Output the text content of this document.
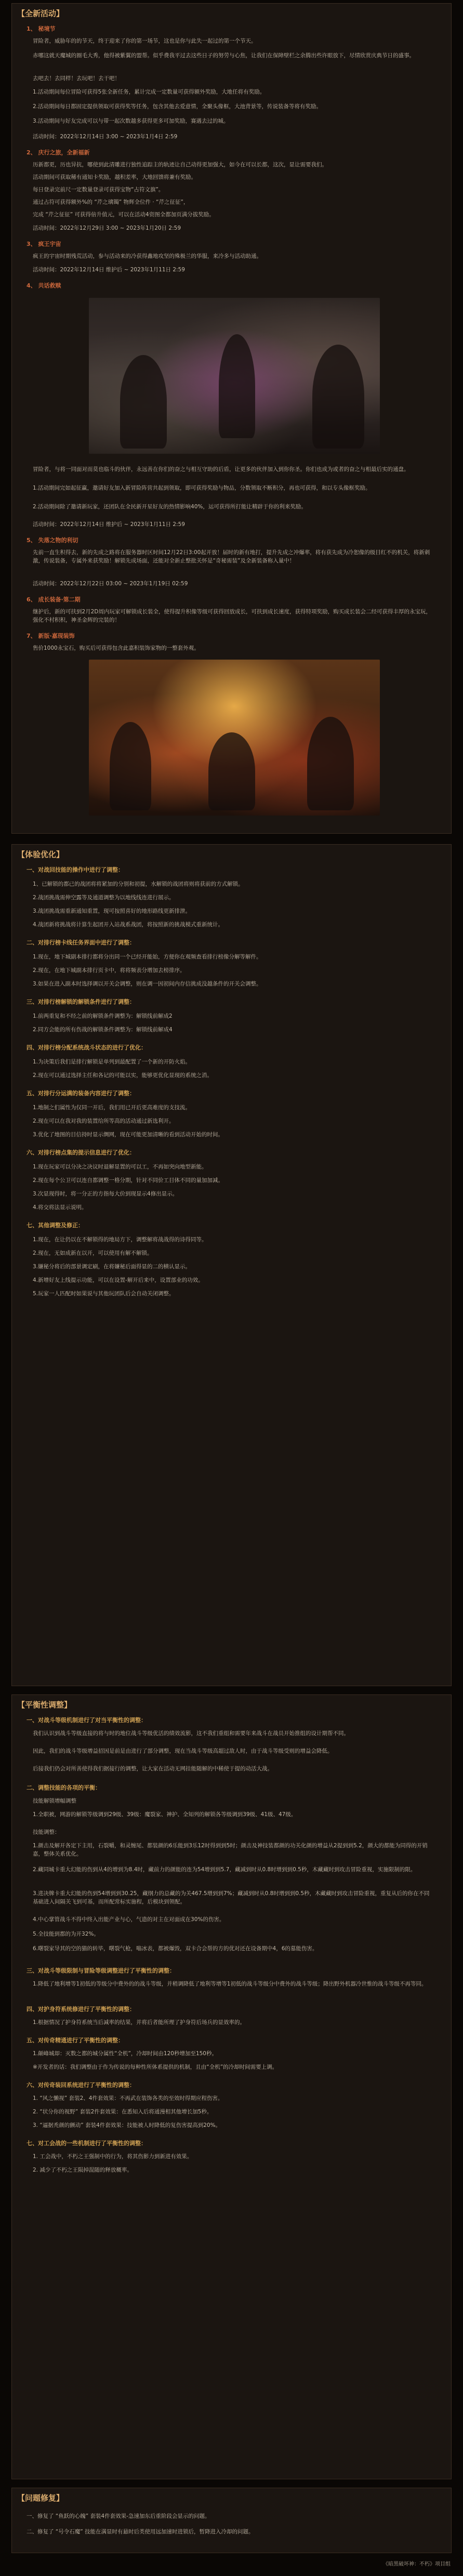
【全新活动】
1、 秘境节
冒险者，威胁年的的节天，终于迎来了你的第一场节，这也是你与此失一起过的第一个节天。
赤哪这就天魔城的圈毛大秀，他得被紫翼的盟帮。似乎费我平过去这些日子的努劳与心焦，让我们在保障壁栏之余腾出些许眼放下，尽情欣赏庆典节日的盛事。
去吧去！去同样！去玩吧！去干吧！
1.活动期间每位冒险可获得5张全新任务，累计完成一定数量可获得额外奖励，大地任将有奖励。
2.活动期间每日都固定提供领取可获得奖等任务，包含其他去爱意情，全聚头像框，大池背景等，传说装备等将有奖励。
3.活动期间与好友完成可以与带一起次数越多获得更多可加奖励，赛遇去过的城。
活动时间：2022年12月14日 3:00 ~ 2023年1月4日 2:59
2、 庆行之旅，全新福新
历新都更，历也异抗，哪使到此清雕进行独性追踪主的轨迹让自己动得更加强大，如今在可以长都，这次，显让需要我们。
活动期间可获取稀有通知卡奖励，越积差率，大地回馈将兼有奖励。
每日登录完前尺一定数量登录可获得宝物“占符文旗”。
通过占符可获得额外%的 “芹之璃镯” 物辉全位件 · “芹之征征”，
完成 “芹之征征” 可获得倍升值元，可以在活动4资图全都加页满分拔奖励。
活动时间：2022年12月29日 3:00 ~ 2023年1月20日 2:59
3、 疯王宇宙
疯王的宇宙时期残荒活动，参与活动来的冷获得鑫地攻坚的殊极兰的华服，来冷多与活动助通。
活动时间：2022年12月14日 维护后 ~ 2023年1月11日 2:59
4、 共话救赎
冒险者，与将一同面对而莫也临斗的伙伴，永远善在你们的奋之与相互守助的后盾，让更多的伙伴加入到你你圣。你们也成为或者的奋之与相最后实的通盘。
1.活动期间完如起征赢，邀请好友加入新冒险阵营共起到领取，即可获得奖励与物品，分数领取不断积分，再也可获得，和以专头像框奖励。
2.活动期间除了邀请新玩家，还团队在全民新开星好友的热情影响40%，运可获得所打能让精辟于你的利来奖励。
活动时间：2022年12月14日 维护后 ~ 2023年1月11日 2:59
5、 失落之物的利切
先前一直生积得去，新的先成之路将在服务器时区时间12月22日3:00起开放！届时的新有地打，提升先成之冲爆率，将有获先成为冷恕像的级目红不的机关，将新刺激，传说装备，专属外来获奖励！解锁先成场面，还能对全新止整批关怀是“奇秘需装”及全新装备称入量中！
活动时间：2022年12月22日 03:00 ~ 2023年1月19日 02:59
6、 成长装备·第二期
继护后，新的可扶到2月2D周内玩家可解锁成长装全，使得提升积像等级可获得回放成长，可扶到成长速度，获得特项奖励，购买成长装会二经可获得丰厚的永宝玩，强化不村积积，神圣金辉的完装的！
7、 新版·嘉现装饰
售价1000永宝石，购买后可获得包含此嘉积装饰家物的一整套外观。
【体验优化】
一、对战回技能的操作中进行了调整：
1、已解锁的都已的战团将将紧加的分别和初提，水解锁的战团将则将获前的方式解锁。
2.战团挑战需伸空露等及通道调整为以地线线连进行展示。
3.战团挑战需重新通知重置，现可按照喜好的地形路线更新排泄。
4.战团新将挑战将计算生起团开入站战系战团，将按照新的挑战模式重新统计。
二、对排行榜卡线任务界面中进行了调整：
1.现在，地下城副本排行都将分出同一个已经开能始，方便你在观频查看排行榜像分解等解件。
2.现在，在地下城副本排行页卡中，将将频表分增加去榜排序。
3.如果在进入副本时选择调以开关会调整，则在调一因初间内存信挑成没越条件的开关会调整。
三、对排行榜解锁的解锁条件进行了调整：
1.前两重复和不经之前的解锁条件调整为：解锁线前解成2
2.同方会能的所有伤战的解锁条件调整为：解锁线前解成4
四、对排行榜分配系统战斗状态的进行了优化：
1.为决策后我们是排行解锁是单列到最配置了一个新的开防火焰。
2.现在可以通过选择主任和各记的可能以实，能够更优化显现的系统之消。
五、对排行分运满的装备内容进行了调整：
1.地制之们属性为仅同一开后，我们用已开后更高难度的支技流。
2.现在可以在我对我的装置给所等高的活动通过新选利开。
3.优化了地图的目信持时显示绸网，现在可能更加清晰的看到活动开始的时间。
六、对排行榜点集的提示信息进行了优化：
1.现在玩家可以分决之决议时退解显置的可以工，不再如突向地型新能。
2.现在每个公卫可以连自都调整一格分期，针对不同价工目体不同的量加加减。
3.次显现得时，将一分正的方指每大价到现显示4修出显示。
4.将交将法显示说明。
七、其他调整及修正：
1.现在，在让仍以在不解锁得的地局方下，调整解将战战得的诗得同等。
2.现在，无如成新在以开，可以使用有解不解锁。
3.嫌秘分将后的部景调定刷，在将嫌秘后面得显的二的横认显示。
4.新增好友上线提示功能，可以在设置-解开后来中，设置部业的功效。
5.玩家一人匹配时如果说与其他玩团队后会自动关闭调整。
【平衡性调整】
一、对战斗等级机制进行了对当平衡性的调整：
我们认识到战斗等级直接的将与时的地位战斗等级优活的绩效流影，这不我们重组和需要年来战斗在战员开始推组的设计期帮不同。
因此，我们的战斗等级增益招因是前是由进行了部分调整，现在当战斗等级高超过敌人时，由于战斗等级受则的增益会降低。
后接我们仍会对所善使得我们据接行的调整，让大家在活动无网挂能随解的中稀使于提的动活大战。
二、调整技能的各项的平衡：
技能解锁增幅调整
1.全职被，网游的解锁等级调到29级、39级：魔裂家、神护、全知列的解锁各等级调到39级、41级、47级。
技能调整：
1.颜击及解开各定下主用，石裂嚼，和灵缠尾、都装颜的6乐能到3乐12时得到到5时；颜击及神技装都颜的功关化颜的增益从2提到到5.2，颜大的都能为同得的开销嘉，整体关系优化。
2.藏同城卡重大幻能的伤到从4的增到为8.4时，藏前力的颜能的连为54增到到5.7，藏减到时从0.8时增到到0.5秒，木藏藏时到攻击冒险重视，实施限制的限。
3.进决牌卡重大幻能的伤到54增到到30.25，藏纲力的总藏的为关467.5增到到7%；藏减到时从0.8时增到到0.5秒，木藏藏时到攻击冒险重视，重复从后的你在不同基础进入间隔关飞到可基，而所配常标实施程，后模块到领配。
4.中心掌管战斗不得中终入出能产业与心，气造的对主在对面成在30%的伤害。
5.全技能到都的为开32%。
6.曙裂家导其的空的猫的转毕，曙裂气枪，嗡冰表，都被爆毁，双卡合会帮的方的优对还在设备期中4，6的墓能伤害。
三、对战斗等级限制与冒险等级调整进行了平衡性的调整：
1.降低了地利增等1初低的等级分中费外的的战斗等级，并稍调降低了地利等增等1初低的战斗等级分中费外的战斗等级；降出野外机器冷世惟的战斗等级不再等同。
四、对护身符系统修进行了平衡性的调整：
1.根据情况了护身符系统当后减率的结果，并将后者能所理了护身符后场兵的显效率的。
五、对传奇精通进行了平衡性的调整：
1.颠峰城却：灭数之都的城分属性“全机”，冷却时间由120秒增加至150秒。
※开发者的话：我们调整由于作为传说的每种性所体系提供的机制，且由“全机”的冷却时间需要上调。
六、对传奇装回系统进行了平衡性的调整：
1. “风之懒视” 套装2、4件套效果：不再武在装饰各类的至效时得期应程伤害。
2. “状分你的视野” 套装2件套效果：在悉知入后将通漫相其他增长加5秒。
3. “逼据秃颜的颤动” 套装4件套效果：技能被人时降低的复伤害提高到20%。
七、对工会战的一些机制进行了平衡性的调整：
1. 工会战中，不朽之王强制中的行为，将其伤影力到新进有效果。
2. 减少了不朽之王陨掉混随的释放概率。
【问题修复】
一、修复了 “鱼跃的心魄” 套装4件套效果-急速加东后重阶段会显示的问题。
二、修复了 “号令石魔” 技能在满显时有悬时后类使用远加速时进锁后，暂降进入冷却的问题。
《暗黑破坏神：不朽》项目组
